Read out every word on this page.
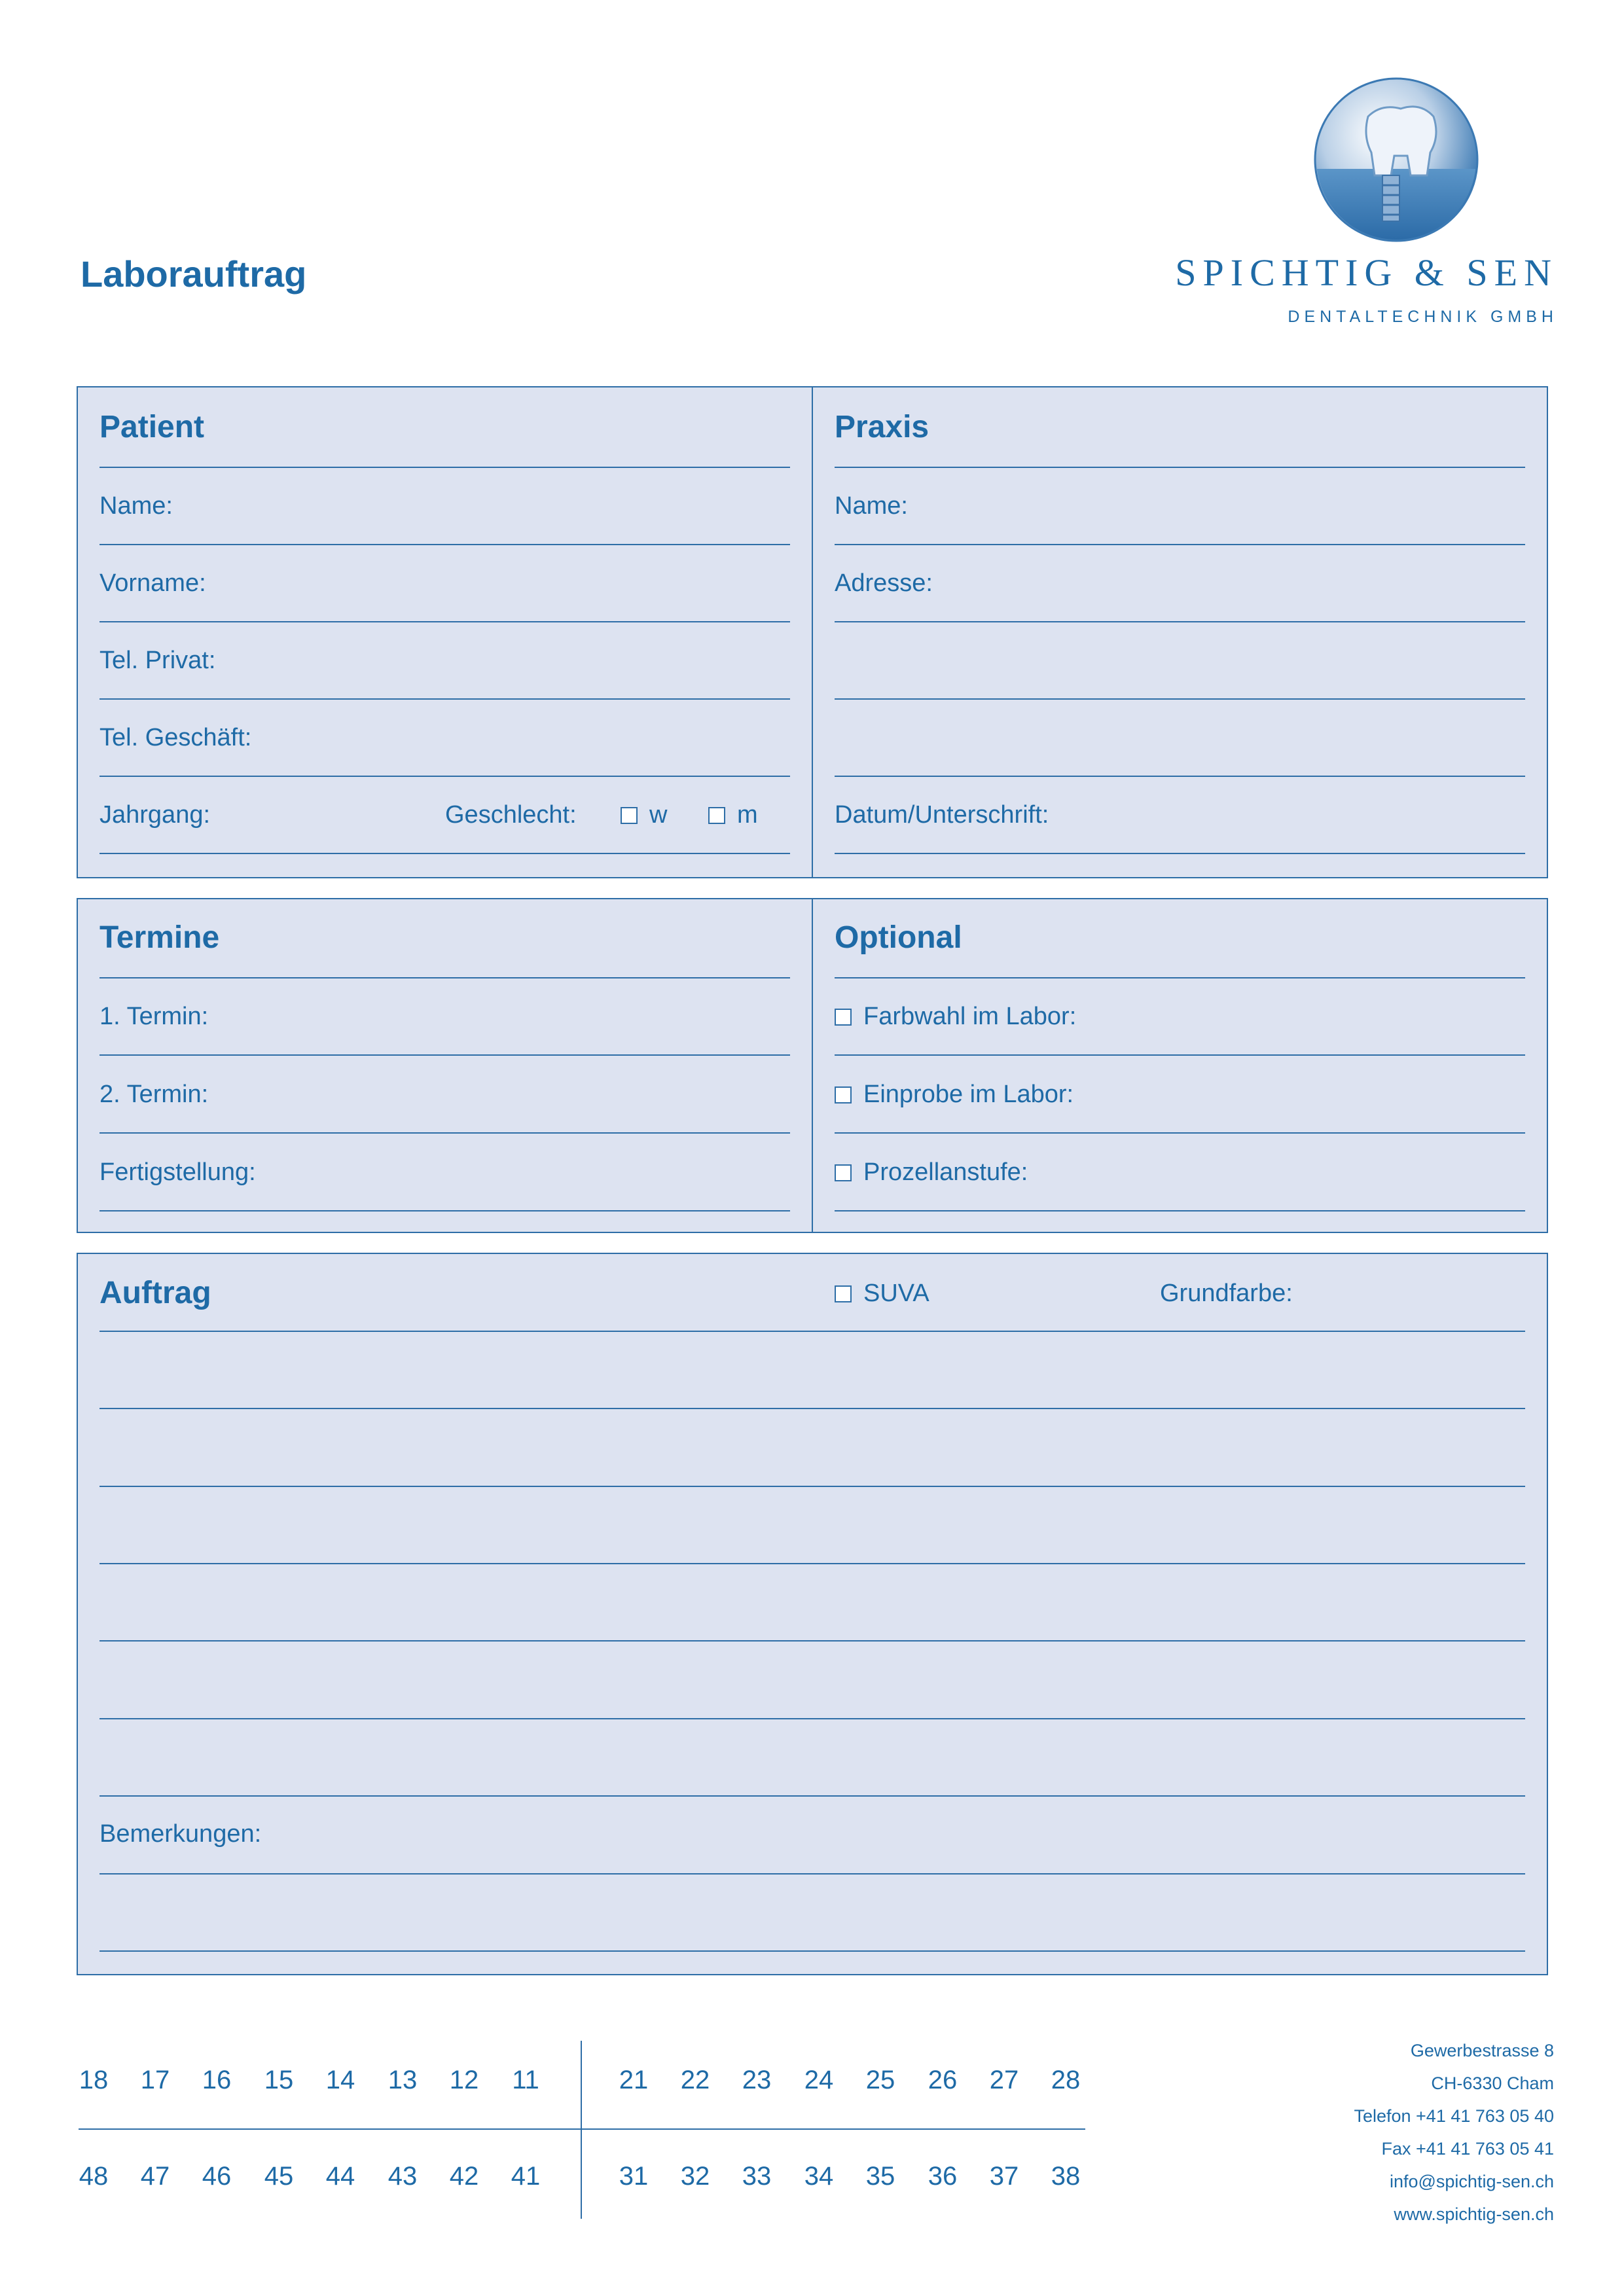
Laborauftrag	SPICHTIG & SEN
DENTALTECHNIK GMBH
Patient
Name:
Vorname:
Tel. Privat:
Tel. Geschäft:
Jahrgang:	Geschlecht:	w	m
Praxis
Name:
Adresse:
Datum/Unterschrift:
Termine
1. Termin:
2. Termin:
Fertigstellung:
Optional
Farbwahl im Labor:
Einprobe im Labor:
Prozellanstufe:
Auftrag	SUVA	Grundfarbe:
Bemerkungen:
18	17	16	15	14	13	12	11	21	22	23	24	25	26	27	28
48	47	46	45	44	43	42	41	31	32	33	34	35	36	37	38
Gewerbestrasse 8
CH-6330 Cham
Telefon +41 41 763 05 40
Fax +41 41 763 05 41
info@spichtig-sen.ch
www.spichtig-sen.ch
